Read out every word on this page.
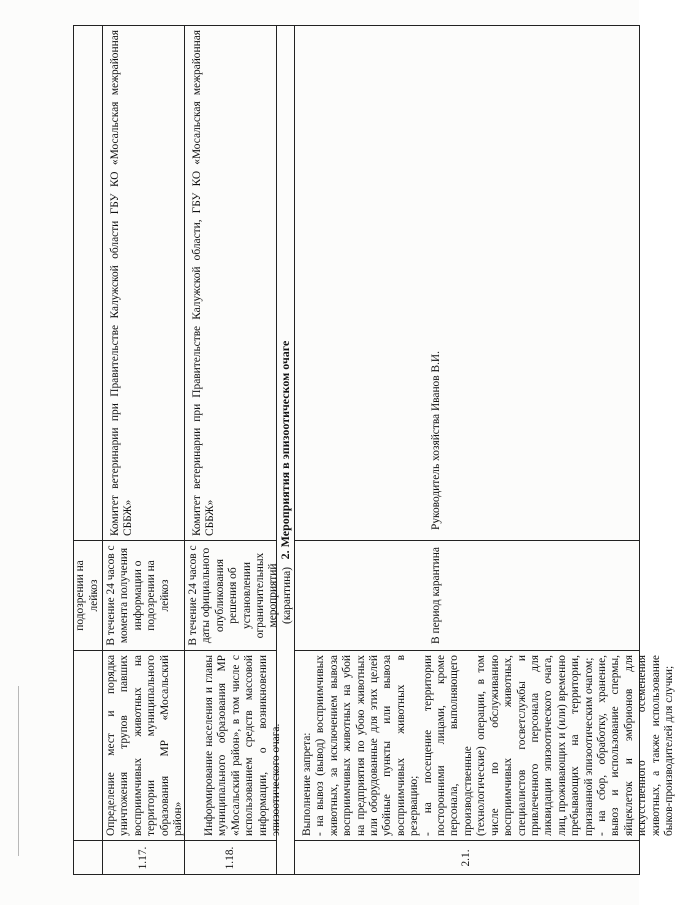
подозрении на лейкоз
1.17.
Определение мест и порядка уничтожения трупов павших восприимчивых животных на территории муниципального образования МР «Мосальский район»
В течение 24 часов с момента получения информации о подозрении на лейкоз
Комитет ветеринарии при Правительстве Калужской области ГБУ КО «Мосальская межрайонная СББЖ»
1.18.
Информирование населения и главы муниципального образования МР «Мосальский район», в том числе с использованием средств массовой информации, о возникновении эпизоотического очага.
В течение 24 часов с даты официального опубликования решения об установлении ограничительных мероприятий (карантина)
Комитет ветеринарии при Правительстве Калужской области, ГБУ КО «Мосальская межрайонная СББЖ»	2. Мероприятия в эпизоотическом очаге
2.1.
Выполнение запрета: - на вывоз (вывод) восприимчивых животных, за исключением вывоза восприимчивых животных на убой на предприятия по убою животных или оборудованные для этих целей убойные пункты или вывоза восприимчивых животных в резервацию; - на посещение территории посторонними лицами, кроме персонала, выполняющего производственные (технологические) операции, в том числе по обслуживанию восприимчивых животных, специалистов госветслужбы и привлеченного персонала для ликвидации эпизоотического очага, лиц, проживающих и (или) временно пребывающих на территории, признанной эпизоотическим очагом; - на сбор, обработку, хранение, вывоз и использование спермы, яйцеклеток и эмбрионов для искусственного осеменения животных, а также использование быков-производителей для случки;
В период карантина
Руководитель хозяйства Иванов В.И.
